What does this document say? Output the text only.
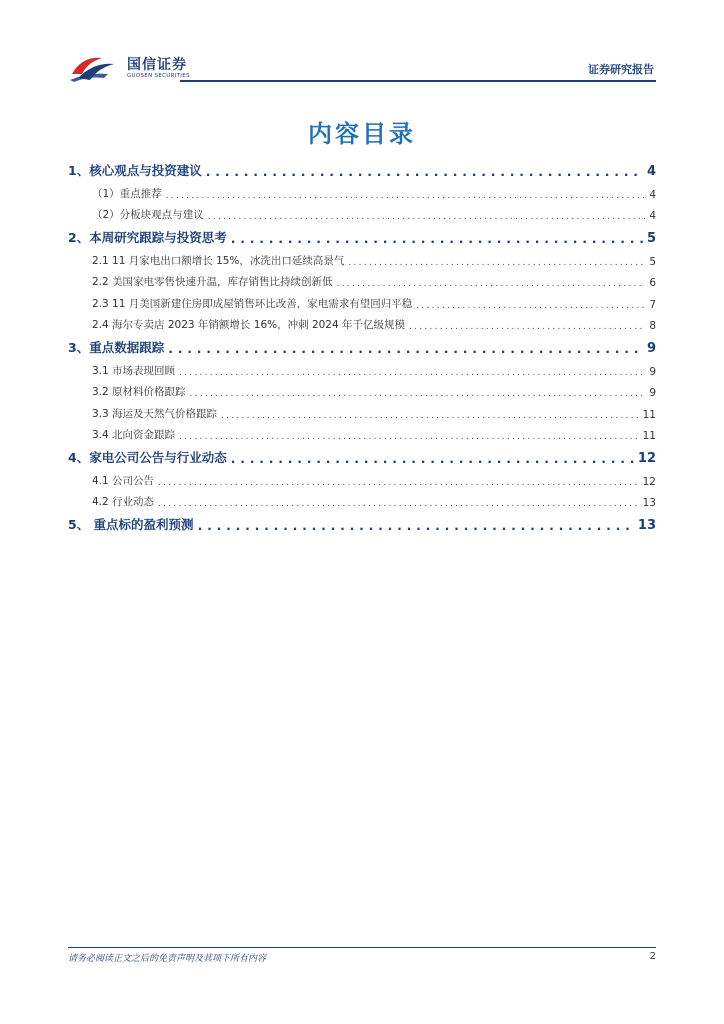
国信证券
GUOSEN SECURITIES	证券研究报告
内容目录
1、核心观点与投资建议 . . .	4
（1）重点推荐 . . .	4
（2）分板块观点与建议 . . .	4
2、本周研究跟踪与投资思考 . . .	5
2.1 11 月家电出口额增长 15%，冰洗出口延续高景气 . . .	5
2.2 美国家电零售快速升温，库存销售比持续创新低 . . .	6
2.3 11 月美国新建住房即成屋销售环比改善，家电需求有望回归平稳 . . .	7
2.4 海尔专卖店 2023 年销额增长 16%，冲刺 2024 年千亿级规模 . . .	8
3、重点数据跟踪 . . .	9
3.1 市场表现回顾 . . .	9
3.2 原材料价格跟踪 . . .	9
3.3 海运及天然气价格跟踪 . . .	11
3.4 北向资金跟踪 . . .	11
4、家电公司公告与行业动态 . . .	12
4.1 公司公告 . . .	12
4.2 行业动态 . . .	13
5、 重点标的盈利预测 . . .	13
请务必阅读正文之后的免责声明及其项下所有内容	2
